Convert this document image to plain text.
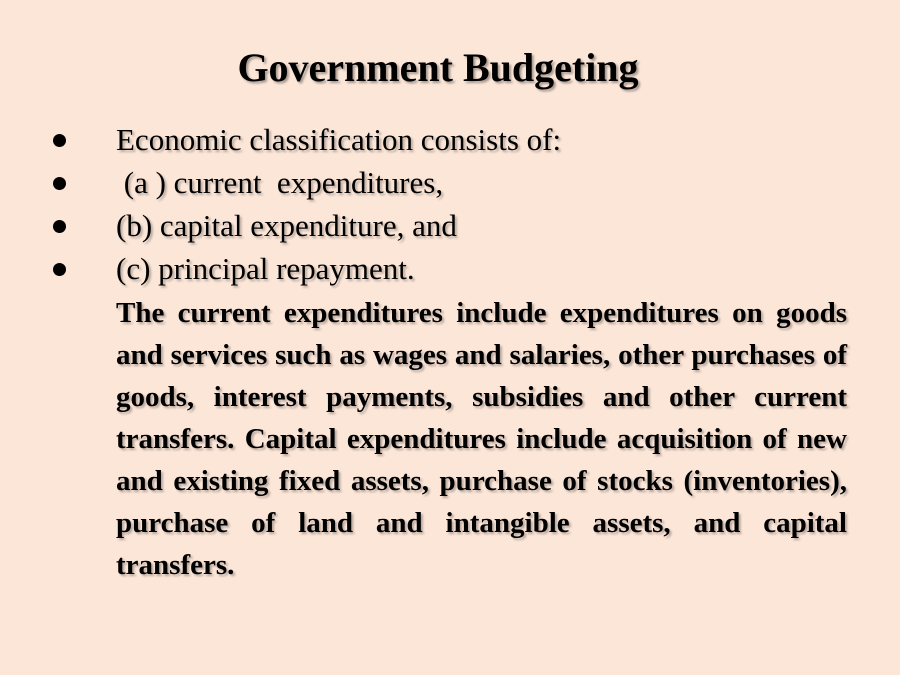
Government Budgeting
Economic classification consists of:
(a ) current  expenditures,
(b) capital expenditure, and
(c) principal repayment.
The current expenditures include expenditures on goods and services such as wages and salaries, other purchases of goods, interest payments, subsidies and other current transfers. Capital expenditures include acquisition of new and existing fixed assets, purchase of stocks (inventories), purchase of land and intangible assets, and capital transfers.
